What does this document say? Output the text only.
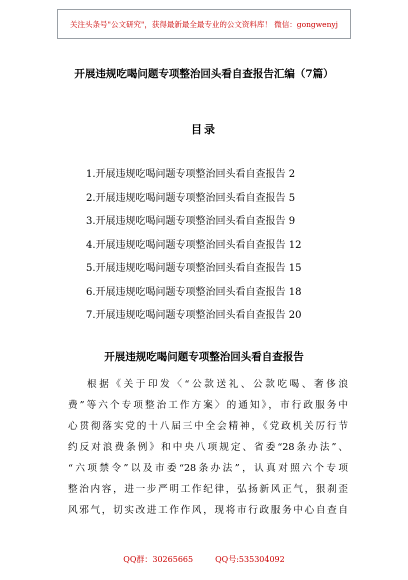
关注头条号"公文研究"，获得最新最全最专业的公文资料库！ 微信：gongwenyj
开展违规吃喝问题专项整治回头看自查报告汇编（7篇）
目录
1.开展违规吃喝问题专项整治回头看自查报告 2
2.开展违规吃喝问题专项整治回头看自查报告 5
3.开展违规吃喝问题专项整治回头看自查报告 9
4.开展违规吃喝问题专项整治回头看自查报告 12
5.开展违规吃喝问题专项整治回头看自查报告 15
6.开展违规吃喝问题专项整治回头看自查报告 18
7.开展违规吃喝问题专项整治回头看自查报告 20
开展违规吃喝问题专项整治回头看自查报告
根据《关于印发〈“公款送礼、公款吃喝、奢侈浪
费”等六个专项整治工作方案〉的通知》，市行政服务中
心贯彻落实党的十八届三中全会精神，《党政机关厉行节
约反对浪费条例》和中央八项规定、省委“28条办法”、
“六项禁令”以及市委“28条办法”，认真对照六个专项
整治内容，进一步严明工作纪律，弘扬新风正气，狠刹歪
风邪气，切实改进工作作风，现将市行政服务中心自查自
QQ群：30265665	QQ号:535304092
